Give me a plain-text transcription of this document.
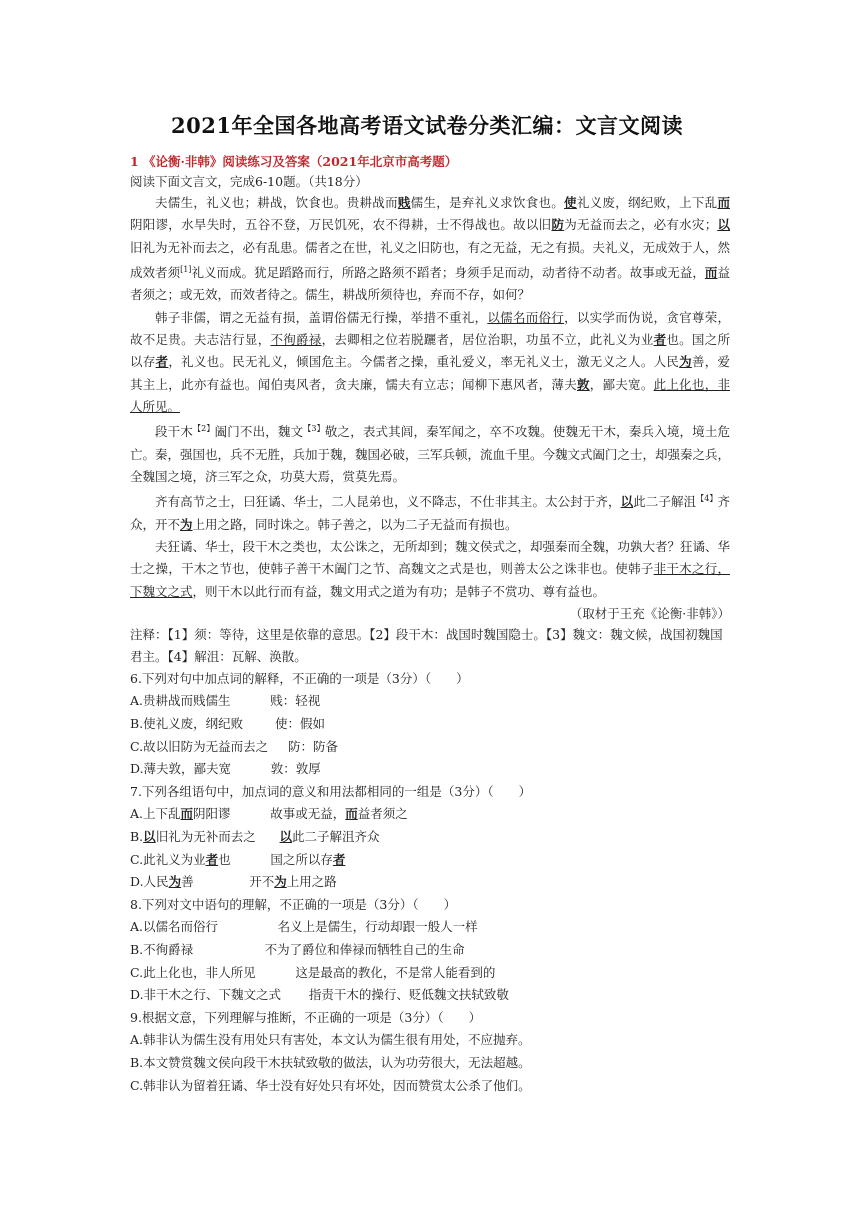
2021年全国各地高考语文试卷分类汇编：文言文阅读

1 《论衡·非韩》阅读练习及答案（2021年北京市高考题）

阅读下面文言文，完成6-10题。（共18分）

夫儒生，礼义也；耕战，饮食也。贵耕战而贱儒生，是弃礼义求饮食也。使礼义废，纲纪败，上下乱而阴阳谬，水旱失时，五谷不登，万民饥死，农不得耕，士不得战也。故以旧防为无益而去之，必有水灾；以旧礼为无补而去之，必有乱患。儒者之在世，礼义之旧防也，有之无益，无之有损。夫礼义，无成效于人，然成效者须[1]礼义而成。犹足蹈路而行，所路之路须不蹈者；身须手足而动，动者待不动者。故事或无益，而益者须之；或无效，而效者待之。儒生，耕战所须待也，弃而不存，如何？

韩子非儒，谓之无益有损，盖谓俗儒无行操，举措不重礼，以儒名而俗行，以实学而伪说，贪官尊荣，故不足贵。夫志洁行显，不徇爵禄，去卿相之位若脱躧者，居位治职，功虽不立，此礼义为业者也。国之所以存者，礼义也。民无礼义，倾国危主。今儒者之操，重礼爱义，率无礼义士，激无义之人。人民为善，爱其主上，此亦有益也。闻伯夷风者，贪夫廉，懦夫有立志；闻柳下惠风者，薄夫敦，鄙夫宽。此上化也，非人所见。

段干木$^{【2】}$阖门不出，魏文$^{【3】}$敬之，表式其闾，秦军闻之，卒不攻魏。使魏无干木，秦兵入境，境土危亡。秦，强国也，兵不无胜，兵加于魏，魏国必破，三军兵顿，流血千里。今魏文式阖门之士，却强秦之兵，全魏国之境，济三军之众，功莫大焉，赏莫先焉。

齐有高节之士，曰狂谲、华士，二人昆弟也，义不降志，不仕非其主。太公封于齐，以此二子解沮$^{【4】}$齐众，开不为上用之路，同时诛之。韩子善之，以为二子无益而有损也。

夫狂谲、华士，段干木之类也，太公诛之，无所却到；魏文侯式之，却强秦而全魏，功孰大者？狂谲、华士之操，干木之节也，使韩子善干木阖门之节、高魏文之式是也，则善太公之诛非也。使韩子非干木之行，下魏文之式，则干木以此行而有益，魏文用式之道为有功；是韩子不赏功、尊有益也。

（取材于王充《论衡·非韩》）

注释：【1】须：等待，这里是依靠的意思。【2】段干木：战国时魏国隐士。【3】魏文：魏文候，战国初魏国君主。【4】解沮：瓦解、涣散。

6.下列对句中加点词的解释，不正确的一项是（3分）（　　）

A.贵耕战而贱儒生          贱：轻视

B.使礼义废，纲纪败        使：假如

C.故以旧防为无益而去之     防：防备

D.薄夫敦，鄙夫宽          敦：敦厚

7.下列各组语句中，加点词的意义和用法都相同的一组是（3分）（　　）

A.上下乱而阴阳谬          故事或无益，而益者须之

B.以旧礼为无补而去之      以此二子解沮齐众

C.此礼义为业者也          国之所以存者

D.人民为善              开不为上用之路

8.下列对文中语句的理解，不正确的一项是（3分）（　　）

A.以儒名而俗行               名义上是儒生，行动却跟一般人一样

B.不徇爵禄                  不为了爵位和俸禄而牺牲自己的生命

C.此上化也，非人所见          这是最高的教化，不是常人能看到的

D.非干木之行、下魏文之式       指责干木的操行、贬低魏文扶轼致敬

9.根据文意，下列理解与推断，不正确的一项是（3分）（　　）

A.韩非认为儒生没有用处只有害处，本文认为儒生很有用处，不应抛弃。

B.本文赞赏魏文侯向段干木扶轼致敬的做法，认为功劳很大，无法超越。

C.韩非认为留着狂谲、华士没有好处只有坏处，因而赞赏太公杀了他们。
